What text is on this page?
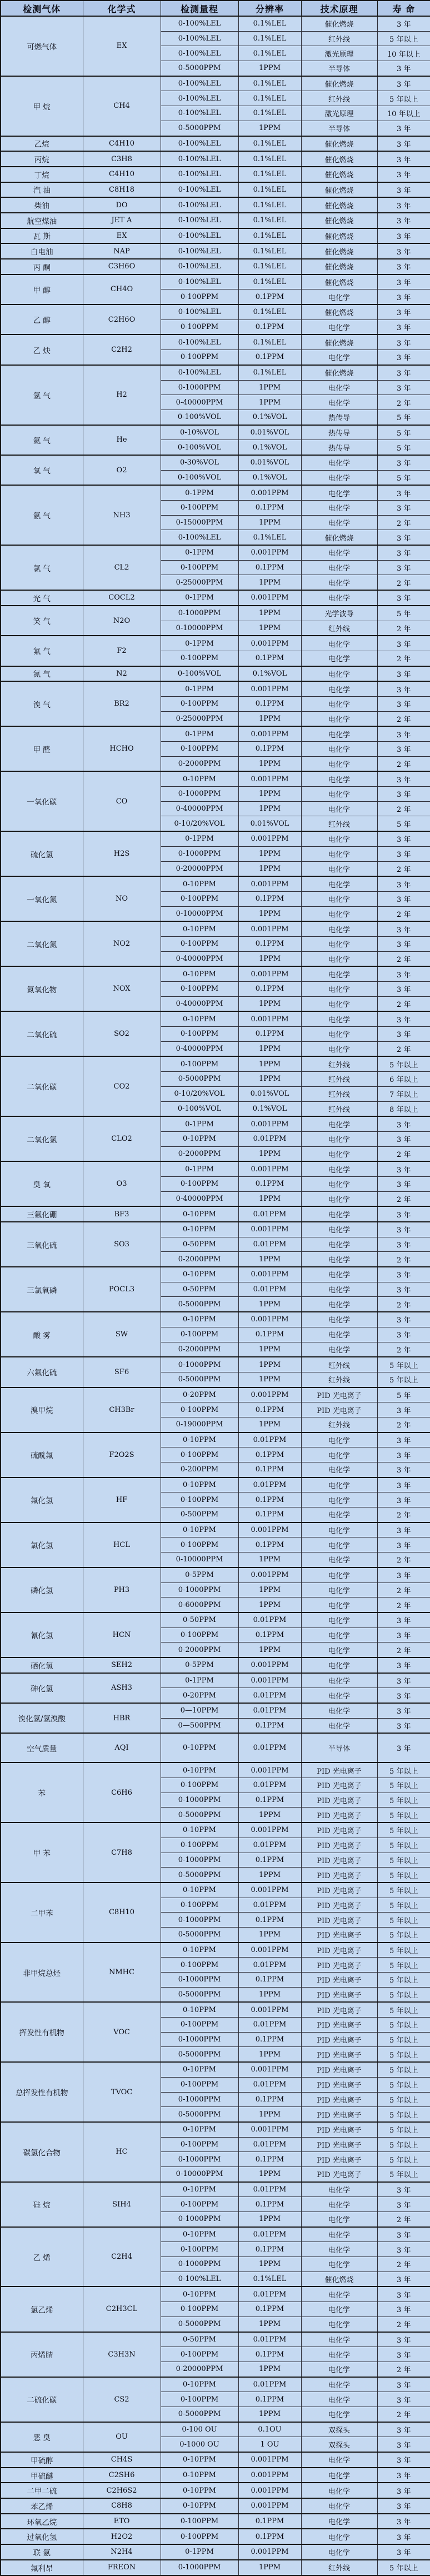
检测气体	化学式	检测量程	分辨率	技术原理	寿 命
可燃气体	EX	0-100%LEL	0.1%LEL	催化燃烧	3 年
		0-100%LEL	0.1%LEL	红外线	5 年以上
		0-100%LEL	0.1%LEL	激光原理	10 年以上
		0-5000PPM	1PPM	半导体	3 年
甲 烷	CH4	0-100%LEL	0.1%LEL	催化燃烧	3 年
		0-100%LEL	0.1%LEL	红外线	5 年以上
		0-100%LEL	0.1%LEL	激光原理	10 年以上
		0-5000PPM	1PPM	半导体	3 年
乙烷	C4H10	0-100%LEL	0.1%LEL	催化燃烧	3 年
丙烷	C3H8	0-100%LEL	0.1%LEL	催化燃烧	3 年
丁烷	C4H10	0-100%LEL	0.1%LEL	催化燃烧	3 年
汽 油	C8H18	0-100%LEL	0.1%LEL	催化燃烧	3 年
柴油	DO	0-100%LEL	0.1%LEL	催化燃烧	3 年
航空煤油	JET A	0-100%LEL	0.1%LEL	催化燃烧	3 年
瓦 斯	EX	0-100%LEL	0.1%LEL	催化燃烧	3 年
白电油	NAP	0-100%LEL	0.1%LEL	催化燃烧	3 年
丙 酮	C3H6O	0-100%LEL	0.1%LEL	催化燃烧	3 年
甲 醇	CH4O	0-100%LEL	0.1%LEL	催化燃烧	3 年
		0-100PPM	0.1PPM	电化学	3 年
乙 醇	C2H6O	0-100%LEL	0.1%LEL	催化燃烧	3 年
		0-100PPM	0.1PPM	电化学	3 年
乙 炔	C2H2	0-100%LEL	0.1%LEL	催化燃烧	3 年
		0-100PPM	0.1PPM	电化学	3 年
氢 气	H2	0-100%LEL	0.1%LEL	催化燃烧	3 年
		0-1000PPM	1PPM	电化学	3 年
		0-40000PPM	1PPM	电化学	2 年
		0-100%VOL	0.1%VOL	热传导	5 年
氦 气	He	0-10%VOL	0.01%VOL	热传导	5 年
		0-100%VOL	0.1%VOL	热传导	5 年
氧 气	O2	0-30%VOL	0.01%VOL	电化学	3 年
		0-100%VOL	0.1%VOL	电化学	5 年
氨 气	NH3	0-1PPM	0.001PPM	电化学	3 年
		0-100PPM	0.1PPM	电化学	3 年
		0-15000PPM	1PPM	电化学	2 年
		0-100%LEL	0.1%LEL	催化燃烧	3 年
氯 气	CL2	0-1PPM	0.001PPM	电化学	3 年
		0-100PPM	0.1PPM	电化学	3 年
		0-25000PPM	1PPM	电化学	2 年
光 气	COCL2	0-1PPM	0.001PPM	电化学	3 年
笑 气	N2O	0-1000PPM	1PPM	光学波导	5 年
		0-10000PPM	1PPM	红外线	2 年
氟 气	F2	0-1PPM	0.001PPM	电化学	3 年
		0-100PPM	0.1PPM	电化学	2 年
氮 气	N2	0-100%VOL	0.1%VOL	电化学	3 年
溴 气	BR2	0-1PPM	0.001PPM	电化学	3 年
		0-100PPM	0.1PPM	电化学	3 年
		0-25000PPM	1PPM	电化学	2 年
甲 醛	HCHO	0-1PPM	0.001PPM	电化学	3 年
		0-100PPM	0.1PPM	电化学	3 年
		0-2000PPM	1PPM	电化学	2 年
一氧化碳	CO	0-10PPM	0.001PPM	电化学	3 年
		0-1000PPM	1PPM	电化学	3 年
		0-40000PPM	1PPM	电化学	2 年
		0-10/20%VOL	0.01%VOL	红外线	5 年
硫化氢	H2S	0-1PPM	0.001PPM	电化学	3 年
		0-1000PPM	1PPM	电化学	3 年
		0-20000PPM	1PPM	电化学	2 年
一氧化氮	NO	0-10PPM	0.001PPM	电化学	3 年
		0-100PPM	0.1PPM	电化学	3 年
		0-10000PPM	1PPM	电化学	2 年
二氧化氮	NO2	0-10PPM	0.001PPM	电化学	3 年
		0-100PPM	0.1PPM	电化学	3 年
		0-40000PPM	1PPM	电化学	2 年
氮氧化物	NOX	0-10PPM	0.001PPM	电化学	3 年
		0-100PPM	0.1PPM	电化学	3 年
		0-40000PPM	1PPM	电化学	2 年
二氧化硫	SO2	0-10PPM	0.001PPM	电化学	3 年
		0-100PPM	0.1PPM	电化学	3 年
		0-40000PPM	1PPM	电化学	2 年
二氧化碳	CO2	0-100PPM	1PPM	红外线	5 年以上
		0-5000PPM	1PPM	红外线	6 年以上
		0-10/20%VOL	0.01%VOL	红外线	7 年以上
		0-100%VOL	0.1%VOL	红外线	8 年以上
二氧化氯	CLO2	0-1PPM	0.001PPM	电化学	3 年
		0-10PPM	0.01PPM	电化学	3 年
		0-2000PPM	1PPM	电化学	2 年
臭 氧	O3	0-1PPM	0.001PPM	电化学	3 年
		0-100PPM	0.1PPM	电化学	3 年
		0-40000PPM	1PPM	电化学	2 年
三氟化硼	BF3	0-10PPM	0.01PPM	电化学	3 年
三氧化硫	SO3	0-10PPM	0.001PPM	电化学	3 年
		0-50PPM	0.01PPM	电化学	3 年
		0-2000PPM	1PPM	电化学	2 年
三氯氧磷	POCL3	0-10PPM	0.001PPM	电化学	3 年
		0-50PPM	0.01PPM	电化学	3 年
		0-5000PPM	1PPM	电化学	2 年
酸 雾	SW	0-10PPM	0.001PPM	电化学	3 年
		0-100PPM	0.1PPM	电化学	3 年
		0-2000PPM	1PPM	电化学	2 年
六氟化硫	SF6	0-1000PPM	1PPM	红外线	5 年以上
		0-5000PPM	1PPM	红外线	5 年以上
溴甲烷	CH3Br	0-20PPM	0.001PPM	PID 光电离子	5 年
		0-100PPM	0.1PPM	PID 光电离子	3 年
		0-19000PPM	1PPM	红外线	2 年
硫酰氟	F2O2S	0-10PPM	0.01PPM	电化学	3 年
		0-100PPM	0.1PPM	电化学	3 年
		0-200PPM	0.1PPM	电化学	3 年
氟化氢	HF	0-10PPM	0.01PPM	电化学	3 年
		0-100PPM	0.1PPM	电化学	3 年
		0-500PPM	0.1PPM	电化学	2 年
氯化氢	HCL	0-10PPM	0.001PPM	电化学	3 年
		0-100PPM	0.1PPM	电化学	3 年
		0-10000PPM	1PPM	电化学	2 年
磷化氢	PH3	0-5PPM	0.001PPM	电化学	3 年
		0-1000PPM	1PPM	电化学	2 年
		0-6000PPM	1PPM	电化学	2 年
氰化氢	HCN	0-50PPM	0.01PPM	电化学	3 年
		0-100PPM	0.1PPM	电化学	3 年
		0-2000PPM	1PPM	电化学	2 年
硒化氢	SEH2	0-5PPM	0.001PPM	电化学	3 年
砷化氢	ASH3	0-1PPM	0.001PPM	电化学	3 年
		0-20PPM	0.01PPM	电化学	3 年
溴化氢/氢溴酸	HBR	0—10PPM	0.01PPM	电化学	3 年
		0—500PPM	0.1PPM	电化学	3 年
空气质量	AQI	0-10PPM	0.01PPM	半导体	3 年
苯	C6H6	0-10PPM	0.001PPM	PID 光电离子	5 年以上
		0-100PPM	0.01PPM	PID 光电离子	5 年以上
		0-1000PPM	0.1PPM	PID 光电离子	5 年以上
		0-5000PPM	1PPM	PID 光电离子	5 年以上
甲 苯	C7H8	0-10PPM	0.001PPM	PID 光电离子	5 年以上
		0-100PPM	0.01PPM	PID 光电离子	5 年以上
		0-1000PPM	0.1PPM	PID 光电离子	5 年以上
		0-5000PPM	1PPM	PID 光电离子	5 年以上
二甲苯	C8H10	0-10PPM	0.001PPM	PID 光电离子	5 年以上
		0-100PPM	0.01PPM	PID 光电离子	5 年以上
		0-1000PPM	0.1PPM	PID 光电离子	5 年以上
		0-5000PPM	1PPM	PID 光电离子	5 年以上
非甲烷总烃	NMHC	0-10PPM	0.001PPM	PID 光电离子	5 年以上
		0-100PPM	0.01PPM	PID 光电离子	5 年以上
		0-1000PPM	0.1PPM	PID 光电离子	5 年以上
		0-5000PPM	1PPM	PID 光电离子	5 年以上
挥发性有机物	VOC	0-10PPM	0.001PPM	PID 光电离子	5 年以上
		0-100PPM	0.01PPM	PID 光电离子	5 年以上
		0-1000PPM	0.1PPM	PID 光电离子	5 年以上
		0-5000PPM	1PPM	PID 光电离子	5 年以上
总挥发性有机物	TVOC	0-10PPM	0.001PPM	PID 光电离子	5 年以上
		0-100PPM	0.01PPM	PID 光电离子	5 年以上
		0-1000PPM	0.1PPM	PID 光电离子	5 年以上
		0-5000PPM	1PPM	PID 光电离子	5 年以上
碳氢化合物	HC	0-10PPM	0.001PPM	PID 光电离子	5 年以上
		0-100PPM	0.01PPM	PID 光电离子	5 年以上
		0-1000PPM	0.1PPM	PID 光电离子	5 年以上
		0-10000PPM	1PPM	PID 光电离子	5 年以上
硅 烷	SIH4	0-10PPM	0.01PPM	电化学	3 年
		0-100PPM	0.1PPM	电化学	3 年
		0-1000PPM	1PPM	电化学	2 年
乙 烯	C2H4	0-10PPM	0.01PPM	电化学	3 年
		0-100PPM	0.1PPM	电化学	3 年
		0-1000PPM	1PPM	电化学	2 年
		0-100%LEL	0.1%LEL	催化燃烧	3 年
氯乙烯	C2H3CL	0-10PPM	0.01PPM	电化学	3 年
		0-100PPM	0.1PPM	电化学	3 年
		0-5000PPM	1PPM	电化学	2 年
丙烯腈	C3H3N	0-50PPM	0.01PPM	电化学	3 年
		0-100PPM	0.1PPM	电化学	3 年
		0-20000PPM	1PPM	电化学	2 年
二硫化碳	CS2	0-10PPM	0.01PPM	电化学	3 年
		0-100PPM	0.1PPM	电化学	3 年
		0-5000PPM	1PPM	电化学	2 年
恶 臭	OU	0-100 OU	0.1OU	双探头	3 年
		0-1000 OU	1 OU	双探头	3 年
甲硫醇	CH4S	0-10PPM	0.001PPM	电化学	3 年
甲硫醚	C2SH6	0-10PPM	0.001PPM	电化学	3 年
二甲二硫	C2H6S2	0-10PPM	0.001PPM	电化学	3 年
苯乙烯	C8H8	0-10PPM	0.001PPM	电化学	3 年
环氧乙烷	ETO	0-100PPM	0.1PPM	电化学	3 年
过氧化氢	H2O2	0-100PPM	0.1PPM	电化学	3 年
联 氨	N2H4	0-1PPM	0.001PPM	电化学	3 年
氟利昂	FREON	0-1000PPM	1PPM	红外线	5 年以上
